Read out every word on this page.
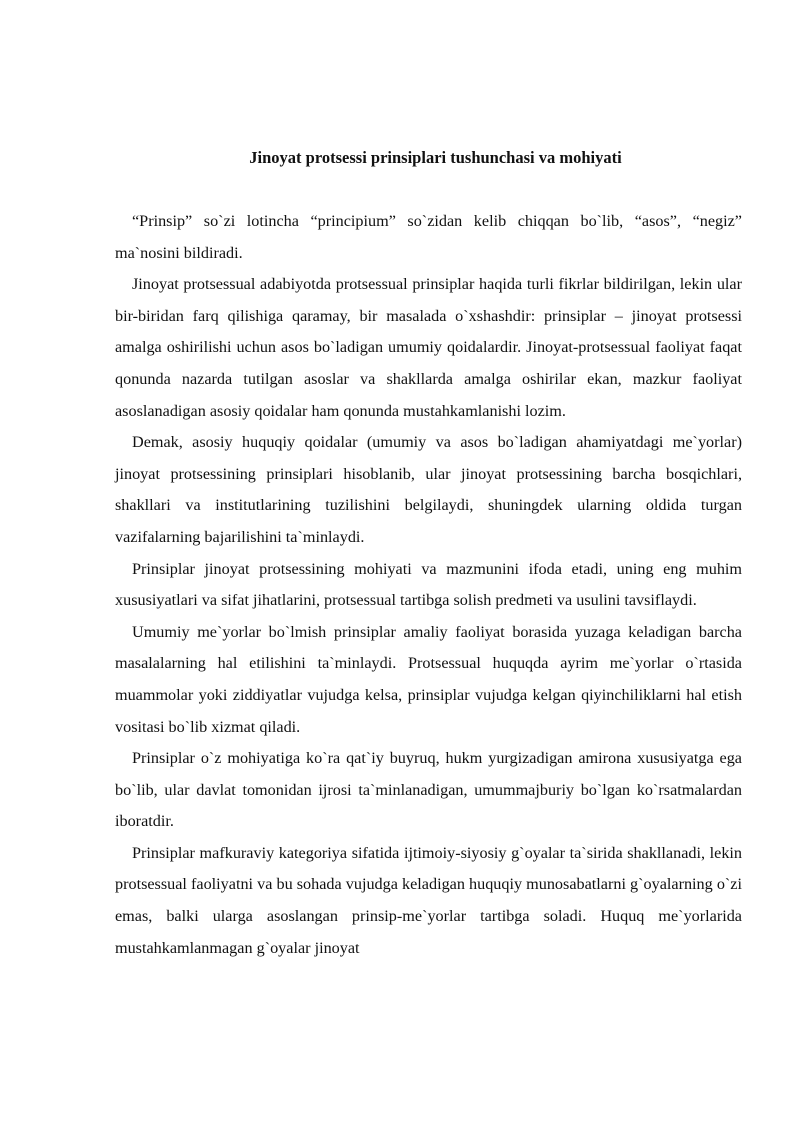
Jinoyat protsessi prinsiplari tushunchasi va mohiyati

“Prinsip” so`zi lotincha “principium” so`zidan kelib chiqqan bo`lib, “asos”, “negiz” ma`nosini bildiradi.

Jinoyat protsessual adabiyotda protsessual prinsiplar haqida turli fikrlar bildirilgan, lekin ular bir-biridan farq qilishiga qaramay, bir masalada o`xshashdir: prinsiplar – jinoyat protsessi amalga oshirilishi uchun asos bo`ladigan umumiy qoidalardir. Jinoyat-protsessual faoliyat faqat qonunda nazarda tutilgan asoslar va shakllarda amalga oshirilar ekan, mazkur faoliyat asoslanadigan asosiy qoidalar ham qonunda mustahkamlanishi lozim.

Demak, asosiy huquqiy qoidalar (umumiy va asos bo`ladigan ahamiyatdagi me`yorlar) jinoyat protsessining prinsiplari hisoblanib, ular jinoyat protsessining barcha bosqichlari, shakllari va institutlarining tuzilishini belgilaydi, shuningdek ularning oldida turgan vazifalarning bajarilishini ta`minlaydi.

Prinsiplar jinoyat protsessining mohiyati va mazmunini ifoda etadi, uning eng muhim xususiyatlari va sifat jihatlarini, protsessual tartibga solish predmeti va usulini tavsiflaydi.

Umumiy me`yorlar bo`lmish prinsiplar amaliy faoliyat borasida yuzaga keladigan barcha masalalarning hal etilishini ta`minlaydi. Protsessual huquqda ayrim me`yorlar o`rtasida muammolar yoki ziddiyatlar vujudga kelsa, prinsiplar vujudga kelgan qiyinchiliklarni hal etish vositasi bo`lib xizmat qiladi.

Prinsiplar o`z mohiyatiga ko`ra qat`iy buyruq, hukm yurgizadigan amirona xususiyatga ega bo`lib, ular davlat tomonidan ijrosi ta`minlanadigan, umummajburiy bo`lgan ko`rsatmalardan iboratdir.

Prinsiplar mafkuraviy kategoriya sifatida ijtimoiy-siyosiy g`oyalar ta`sirida shakllanadi, lekin protsessual faoliyatni va bu sohada vujudga keladigan huquqiy munosabatlarni g`oyalarning o`zi emas, balki ularga asoslangan prinsip-me`yorlar tartibga soladi. Huquq me`yorlarida mustahkamlanmagan g`oyalar jinoyat
